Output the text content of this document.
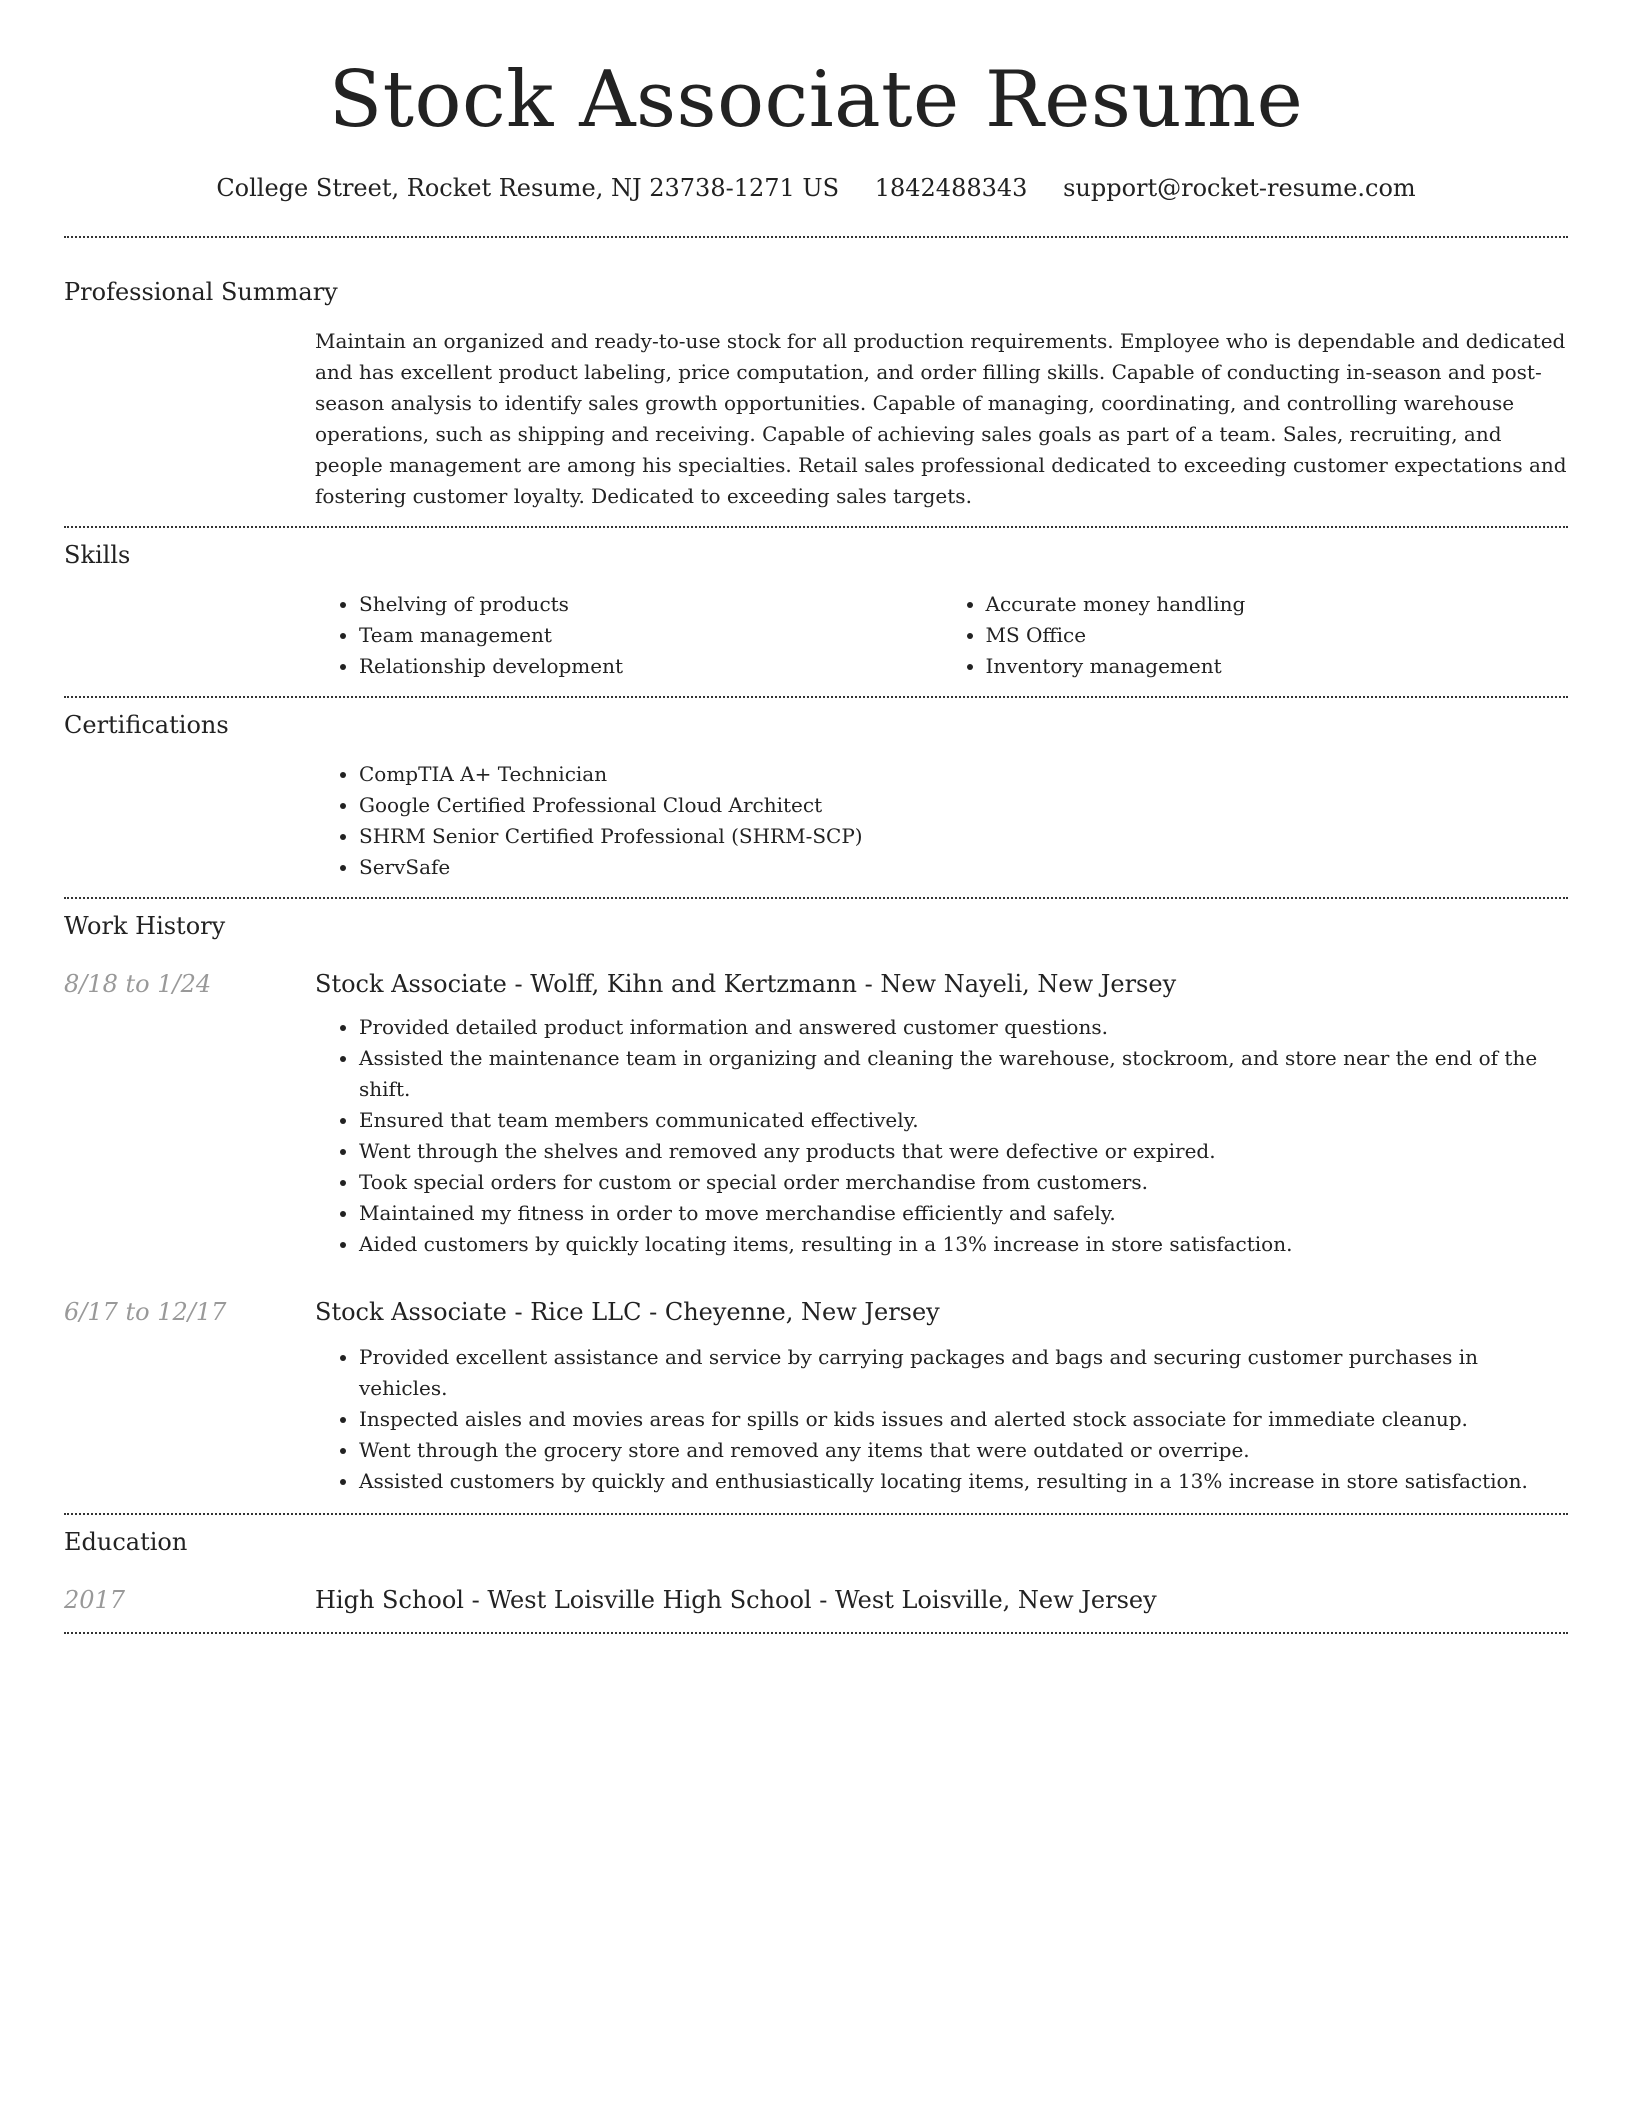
Stock Associate Resume
College Street, Rocket Resume, NJ 23738-1271 US 1842488343 support@rocket-resume.com
Professional Summary
Maintain an organized and ready-to-use stock for all production requirements. Employee who is dependable and dedicated and has excellent product labeling, price computation, and order filling skills. Capable of conducting in-season and post-season analysis to identify sales growth opportunities. Capable of managing, coordinating, and controlling warehouse operations, such as shipping and receiving. Capable of achieving sales goals as part of a team. Sales, recruiting, and people management are among his specialties. Retail sales professional dedicated to exceeding customer expectations and fostering customer loyalty. Dedicated to exceeding sales targets.
Skills
• Shelving of products
• Team management
• Relationship development
• Accurate money handling
• MS Office
• Inventory management
Certifications
• CompTIA A+ Technician
• Google Certified Professional Cloud Architect
• SHRM Senior Certified Professional (SHRM-SCP)
• ServSafe
Work History
8/18 to 1/24	Stock Associate - Wolff, Kihn and Kertzmann - New Nayeli, New Jersey
• Provided detailed product information and answered customer questions.
• Assisted the maintenance team in organizing and cleaning the warehouse, stockroom, and store near the end of the shift.
• Ensured that team members communicated effectively.
• Went through the shelves and removed any products that were defective or expired.
• Took special orders for custom or special order merchandise from customers.
• Maintained my fitness in order to move merchandise efficiently and safely.
• Aided customers by quickly locating items, resulting in a 13% increase in store satisfaction.
6/17 to 12/17	Stock Associate - Rice LLC - Cheyenne, New Jersey
• Provided excellent assistance and service by carrying packages and bags and securing customer purchases in vehicles.
• Inspected aisles and movies areas for spills or kids issues and alerted stock associate for immediate cleanup.
• Went through the grocery store and removed any items that were outdated or overripe.
• Assisted customers by quickly and enthusiastically locating items, resulting in a 13% increase in store satisfaction.
Education
2017	High School - West Loisville High School - West Loisville, New Jersey
